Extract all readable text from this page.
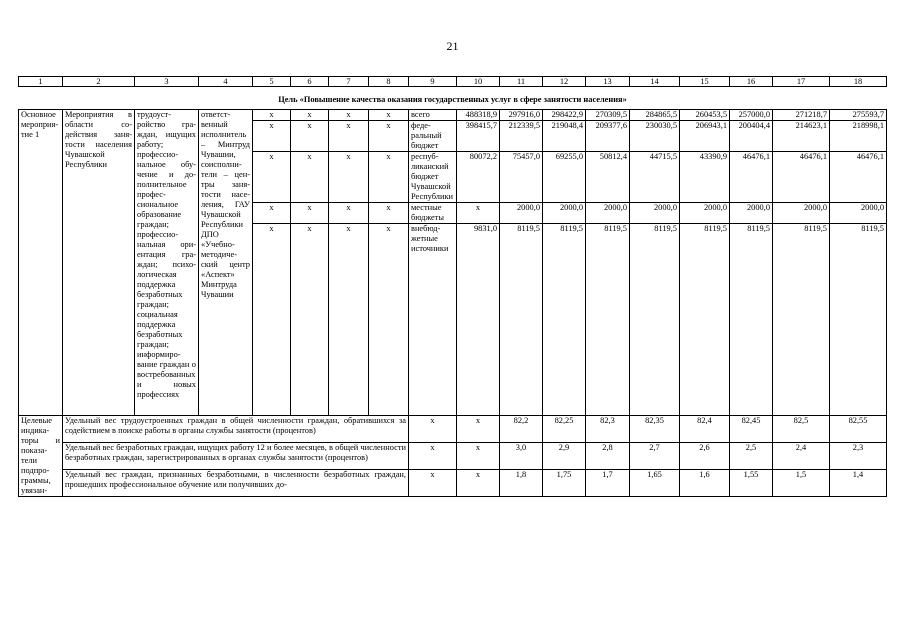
21
1	2	3	4	5	6	7	8	9	10	11	12	13	14	15	16	17	18
Цель «Повышение качества оказания государственных услуг в сфере занятости населения»																	
Основное мероприятие 1	Мероприятия в области содействия занятости населения Чувашской Республики	трудоустройство граждан, ищущих работу; профессиональное обучение и дополнительное профессиональное образование граждан; профессиональная ориентация граждан; психологическая поддержка безработных граждан; социальная поддержка безработных граждан; информирование граждан о востребованных и новых профессиях	ответственный исполнитель – Минтруд Чувашии, соисполнители – центры занятости населения, ГАУ Чувашской Республики ДПО «Учебно-методический центр «Аспект» Минтруда Чувашии	х	х	х	х	всего	488318,9	297916,0	298422,9	270309,5	284865,5	260453,5	257000,0	271218,7	275593,7
				х	х	х	х	федеральный бюджет	398415,7	212339,5	219048,4	209377,6	230030,5	206943,1	200404,4	214623,1	218998,1
				х	х	х	х	республиканский бюджет Чувашской Республики	80072,2	75457,0	69255,0	50812,4	44715,5	43390,9	46476,1	46476,1	46476,1
				х	х	х	х	местные бюджеты	х	2000,0	2000,0	2000,0	2000,0	2000,0	2000,0	2000,0	2000,0
				х	х	х	х	внебюджетные источники	9831,0	8119,5	8119,5	8119,5	8119,5	8119,5	8119,5	8119,5	8119,5
Целевые индикаторы и показатели подпрограммы, увязан-	Удельный вес трудоустроенных граждан в общей численности граждан, обратившихся за содействием в поиске работы в органы службы занятости (процентов)							х	х	82,2	82,25	82,3	82,35	82,4	82,45	82,5	82,55
	Удельный вес безработных граждан, ищущих работу 12 и более месяцев, в общей численности безработных граждан, зарегистрированных в органах службы занятости (процентов)							х	х	3,0	2,9	2,8	2,7	2,6	2,5	2,4	2,3
	Удельный вес граждан, признанных безработными, в численности безработных граждан, прошедших профессиональное обучение или получивших до-							х	х	1,8	1,75	1,7	1,65	1,6	1,55	1,5	1,4
